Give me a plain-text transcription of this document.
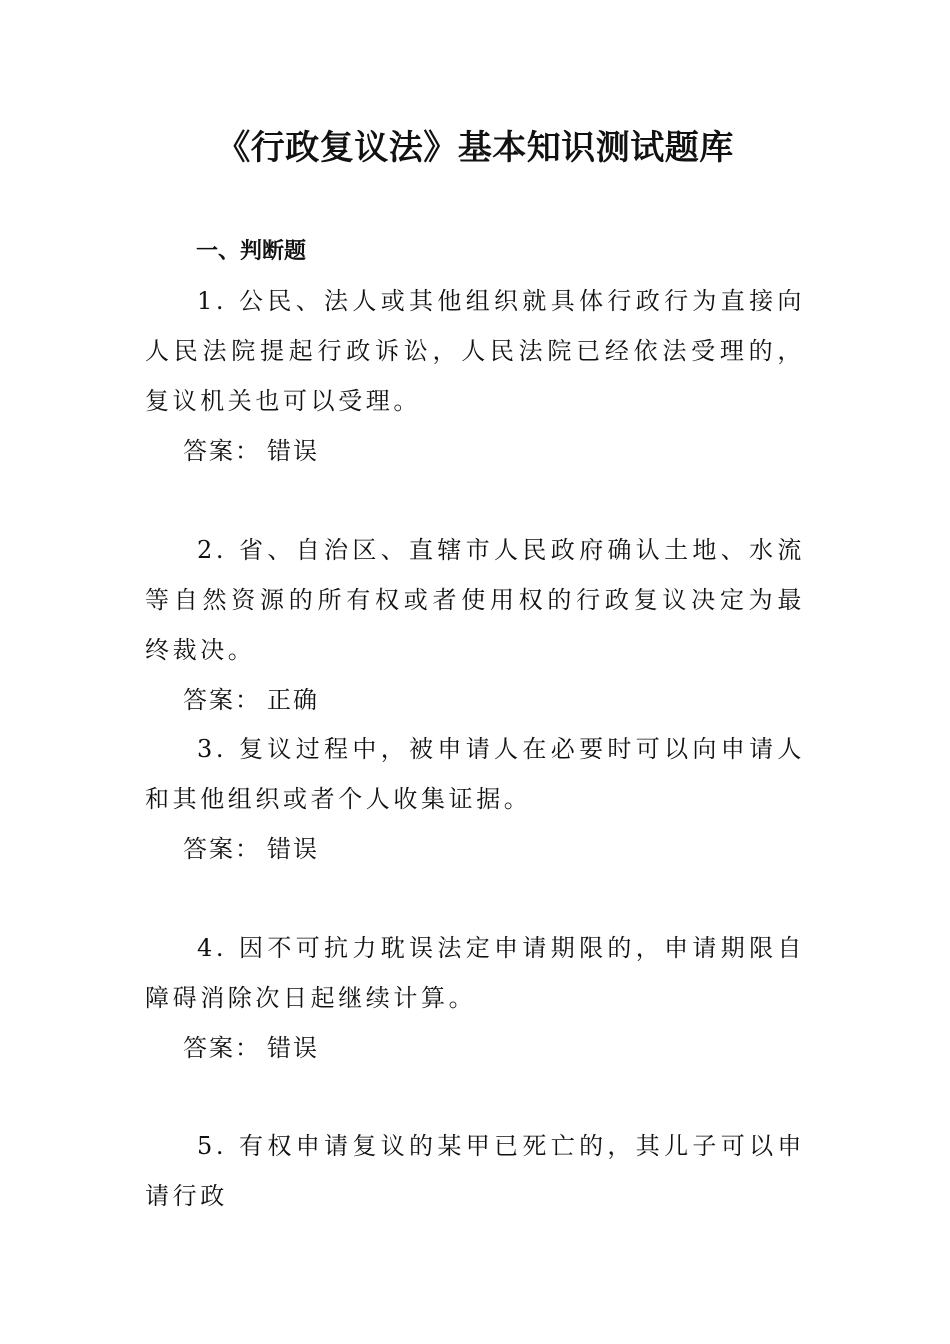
《行政复议法》基本知识测试题库
一、判断题

1. 公民、法人或其他组织就具体行政行为直接向人民法院提起行政诉讼，人民法院已经依法受理的，复议机关也可以受理。

答案： 错误

2. 省、自治区、直辖市人民政府确认土地、水流等自然资源的所有权或者使用权的行政复议决定为最终裁决。

答案： 正确

3. 复议过程中，被申请人在必要时可以向申请人和其他组织或者个人收集证据。

答案： 错误

4. 因不可抗力耽误法定申请期限的，申请期限自障碍消除次日起继续计算。

答案： 错误

5. 有权申请复议的某甲已死亡的，其儿子可以申请行政
